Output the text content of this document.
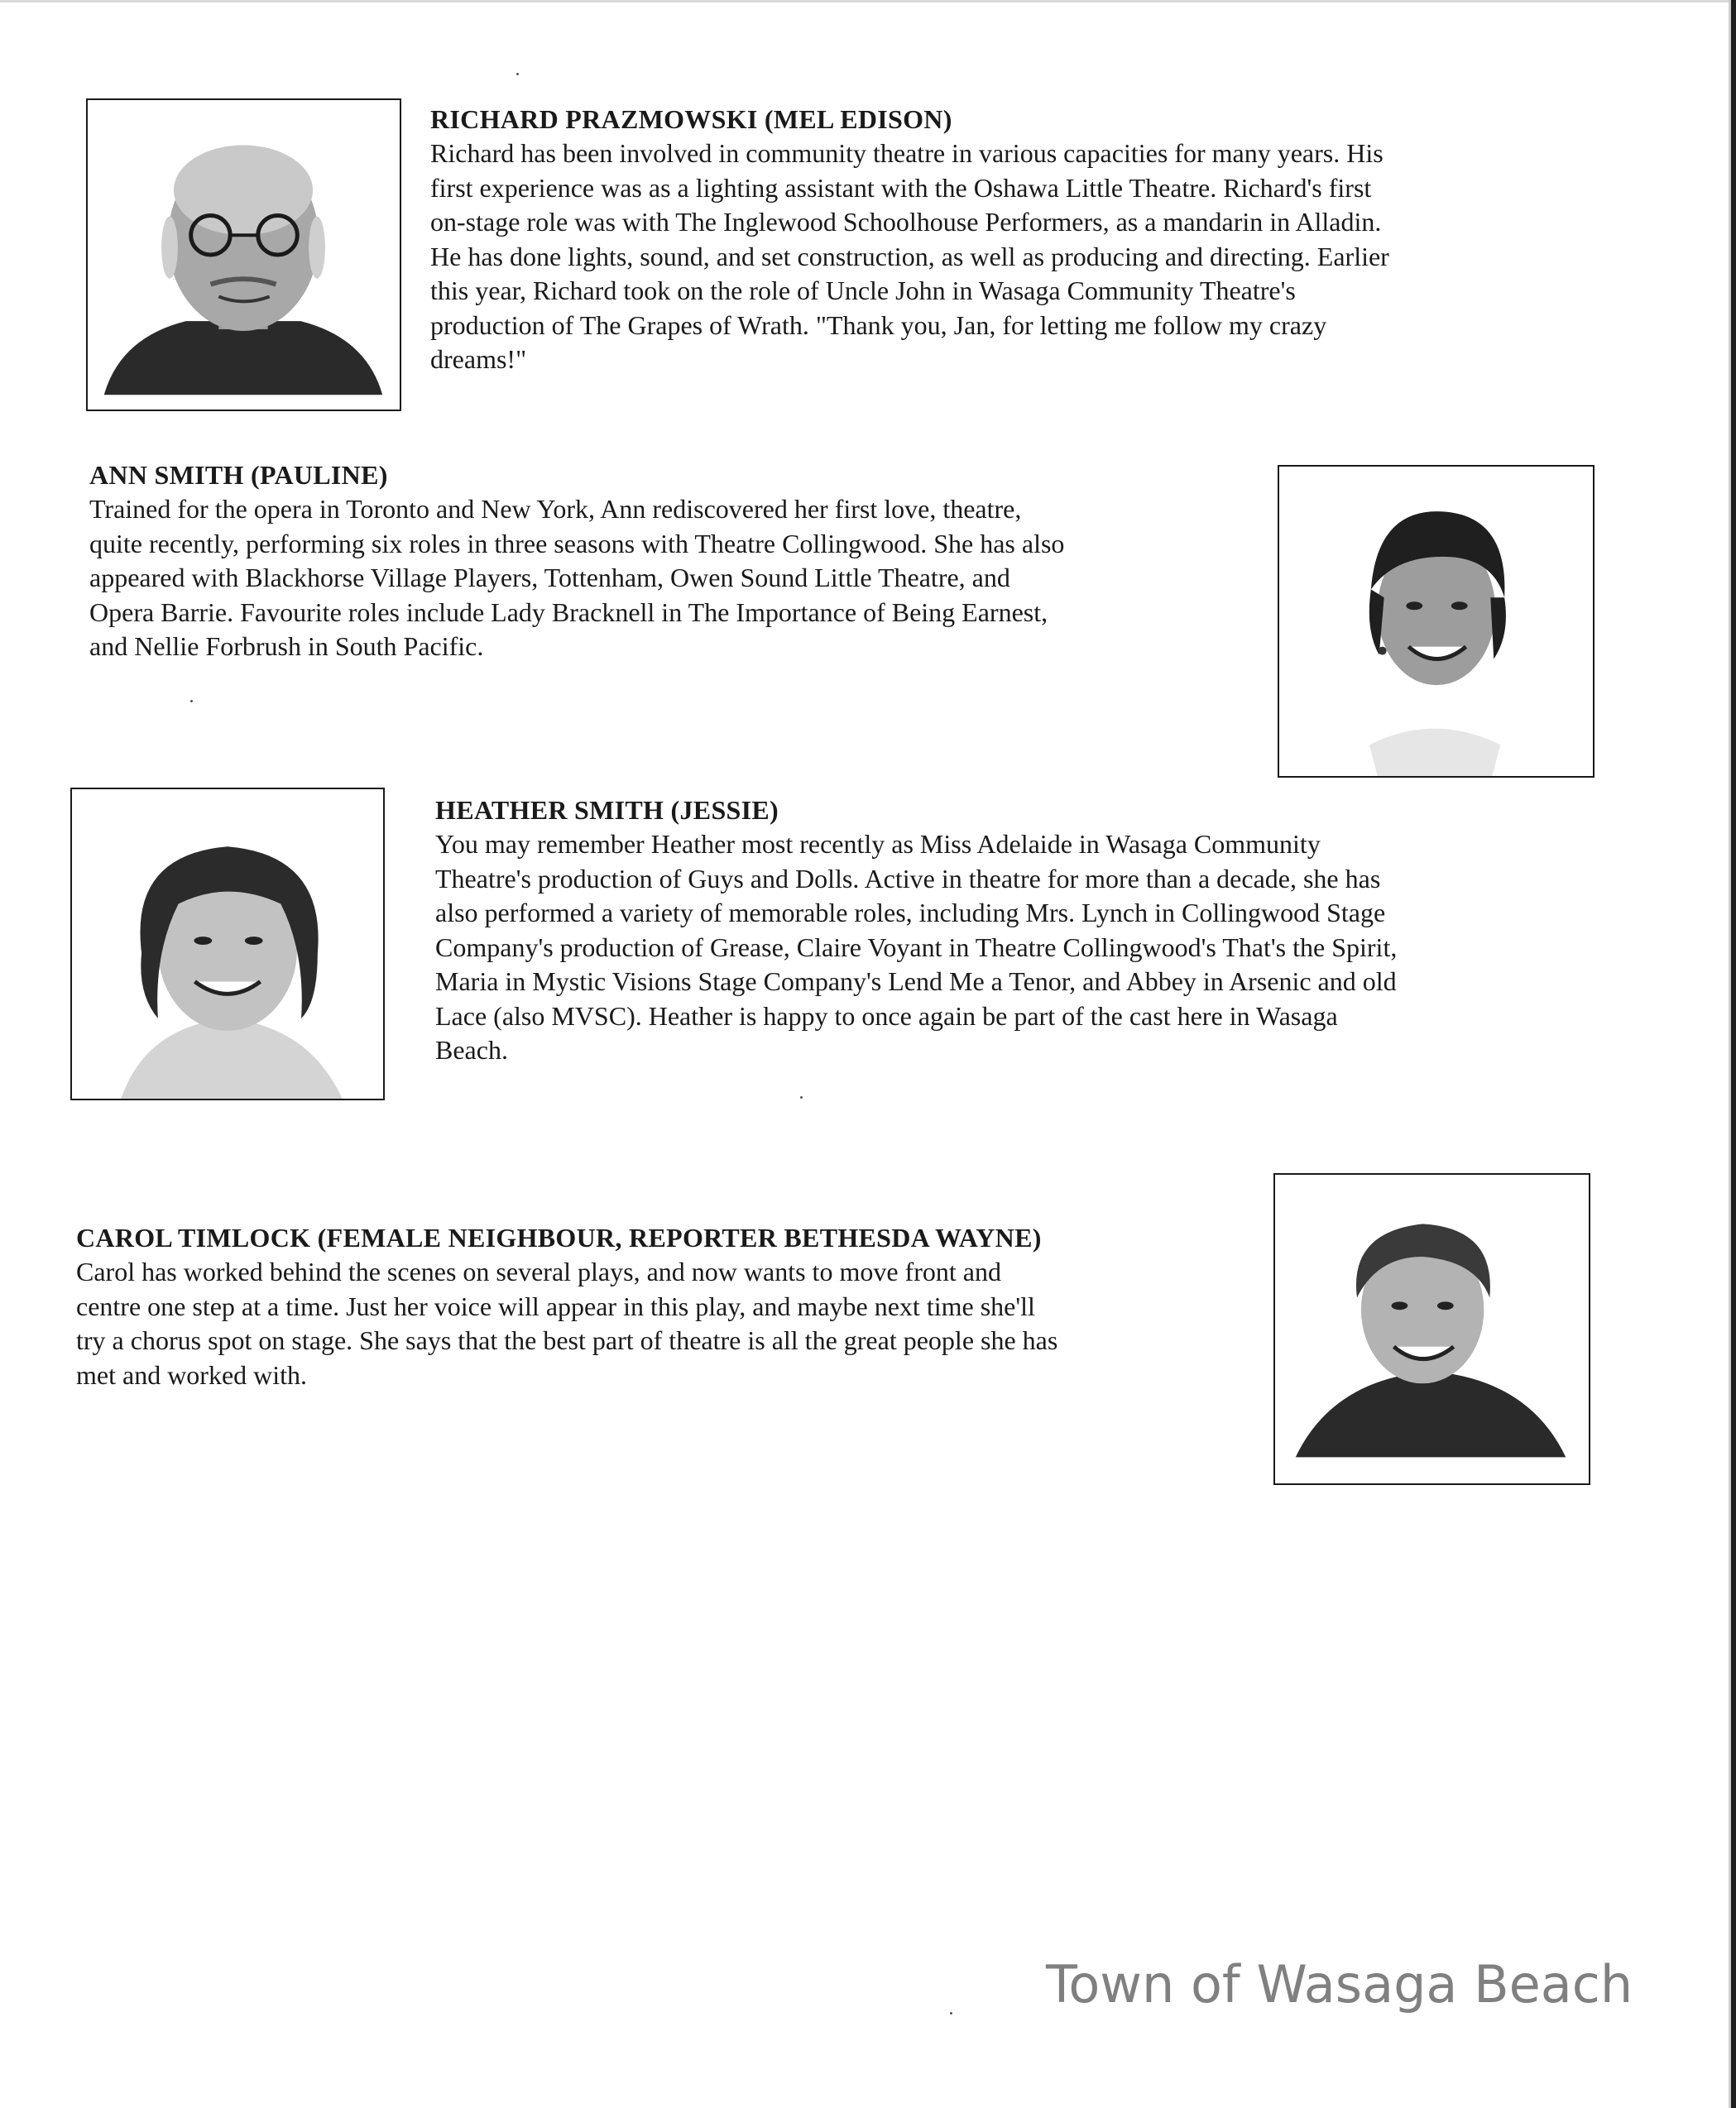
RICHARD PRAZMOWSKI (MEL EDISON)

Richard has been involved in community theatre in various capacities for many years. His
first experience was as a lighting assistant with the Oshawa Little Theatre. Richard's first
on-stage role was with The Inglewood Schoolhouse Performers, as a mandarin in Alladin.
He has done lights, sound, and set construction, as well as producing and directing. Earlier
this year, Richard took on the role of Uncle John in Wasaga Community Theatre's
production of The Grapes of Wrath. "Thank you, Jan, for letting me follow my crazy
dreams!"

ANN SMITH (PAULINE)

Trained for the opera in Toronto and New York, Ann rediscovered her first love, theatre,
quite recently, performing six roles in three seasons with Theatre Collingwood. She has also
appeared with Blackhorse Village Players, Tottenham, Owen Sound Little Theatre, and
Opera Barrie. Favourite roles include Lady Bracknell in The Importance of Being Earnest,
and Nellie Forbrush in South Pacific.

HEATHER SMITH (JESSIE)

You may remember Heather most recently as Miss Adelaide in Wasaga Community
Theatre's production of Guys and Dolls. Active in theatre for more than a decade, she has
also performed a variety of memorable roles, including Mrs. Lynch in Collingwood Stage
Company's production of Grease, Claire Voyant in Theatre Collingwood's That's the Spirit,
Maria in Mystic Visions Stage Company's Lend Me a Tenor, and Abbey in Arsenic and old
Lace (also MVSC). Heather is happy to once again be part of the cast here in Wasaga
Beach.

CAROL TIMLOCK (FEMALE NEIGHBOUR, REPORTER BETHESDA WAYNE)

Carol has worked behind the scenes on several plays, and now wants to move front and
centre one step at a time. Just her voice will appear in this play, and maybe next time she'll
try a chorus spot on stage. She says that the best part of theatre is all the great people she has
met and worked with.

Town of Wasaga Beach
